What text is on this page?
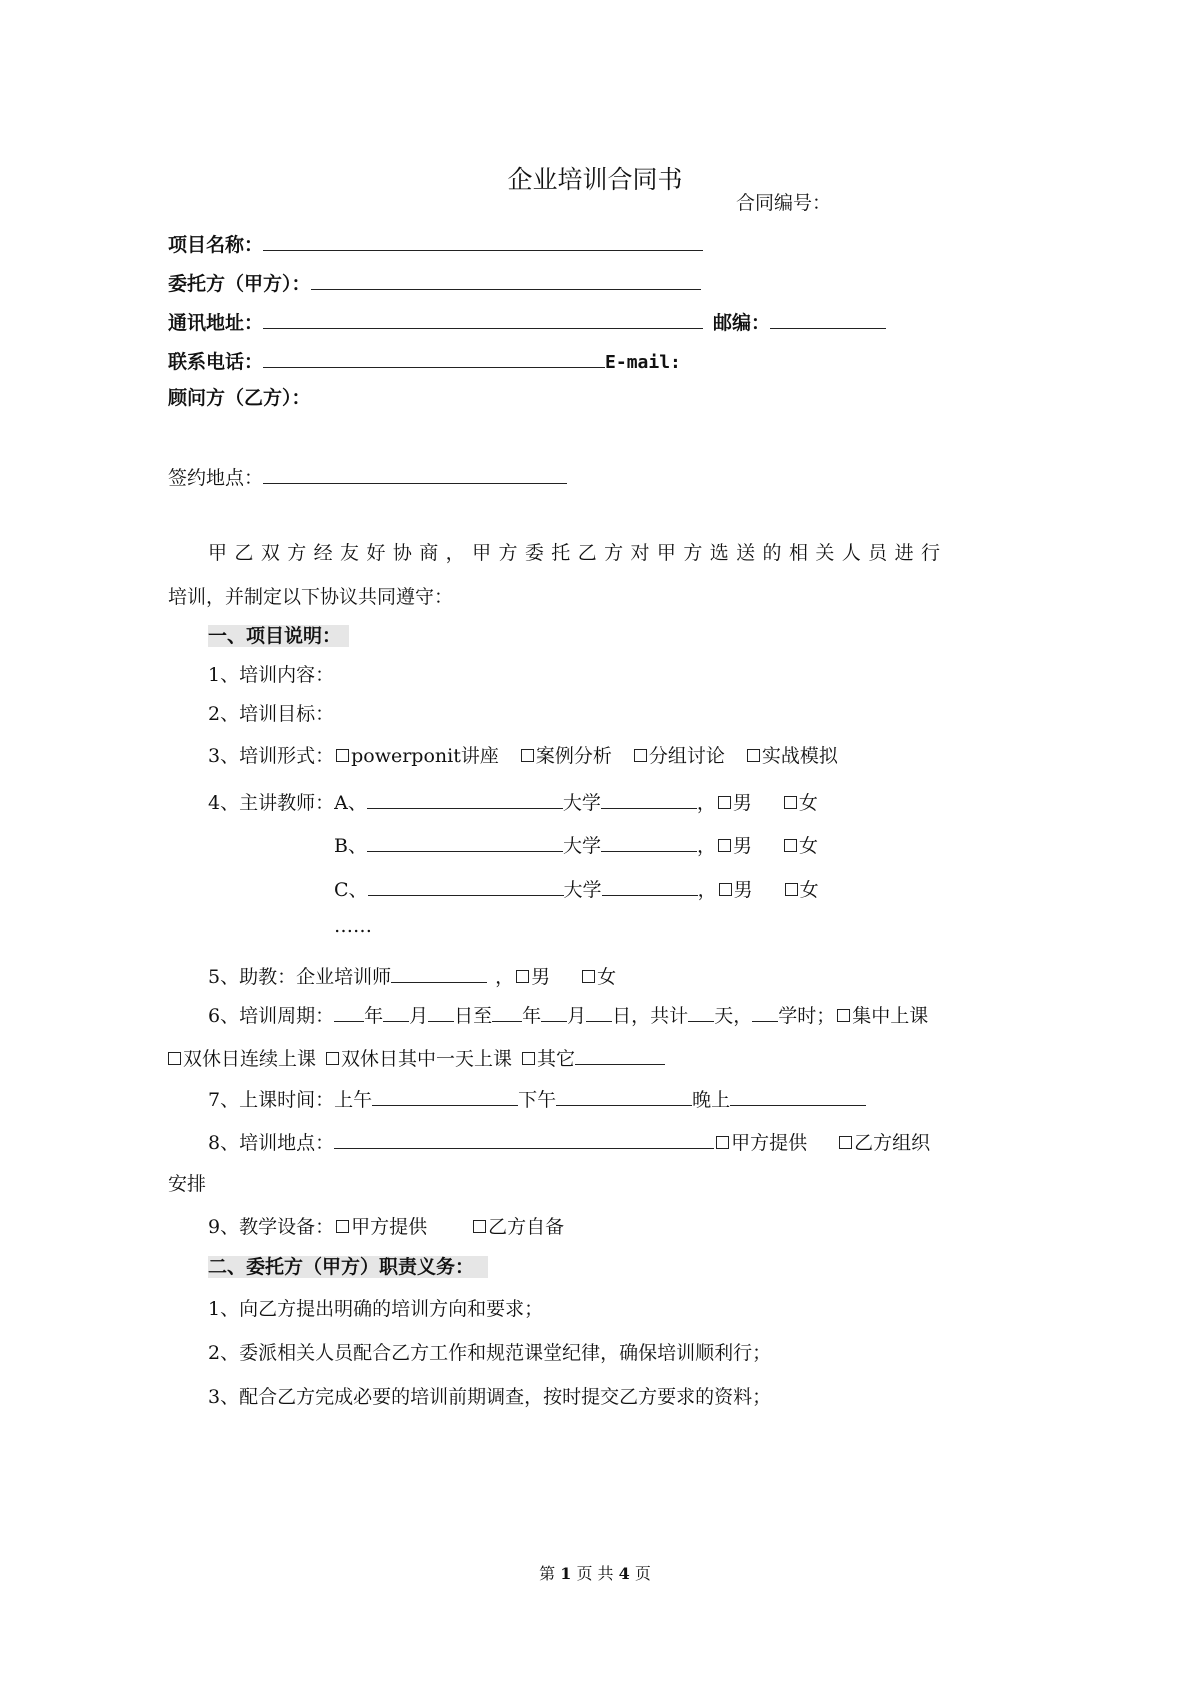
企业培训合同书
合同编号：
项目名称：
委托方（甲方）：
通讯地址：	邮编：
联系电话：	E-mail:
顾问方（乙方）：
签约地点：
甲乙双方经友好协商，甲方委托乙方对甲方选送的相关人员进行
培训，并制定以下协议共同遵守：
一、项目说明：
1、培训内容：
2、培训目标：
3、培训形式： powerponit讲座 案例分析 分组讨论 实战模拟
4、主讲教师：A、	大学	， 男 女
B、	大学	， 男 女
C、	大学	， 男 女
……
5、助教：企业培训师	， 男 女
6、培训周期： 年 月 日至 年 月 日，共计 天， 学时； 集中上课
双休日连续上课 双休日其中一天上课 其它
7、上课时间：上午	下午	晚上
8、培训地点：	甲方提供 乙方组织
安排
9、教学设备： 甲方提供	乙方自备
二、委托方（甲方）职责义务：
1、向乙方提出明确的培训方向和要求；
2、委派相关人员配合乙方工作和规范课堂纪律，确保培训顺利行；
3、配合乙方完成必要的培训前期调查，按时提交乙方要求的资料；
第 1 页 共 4 页
